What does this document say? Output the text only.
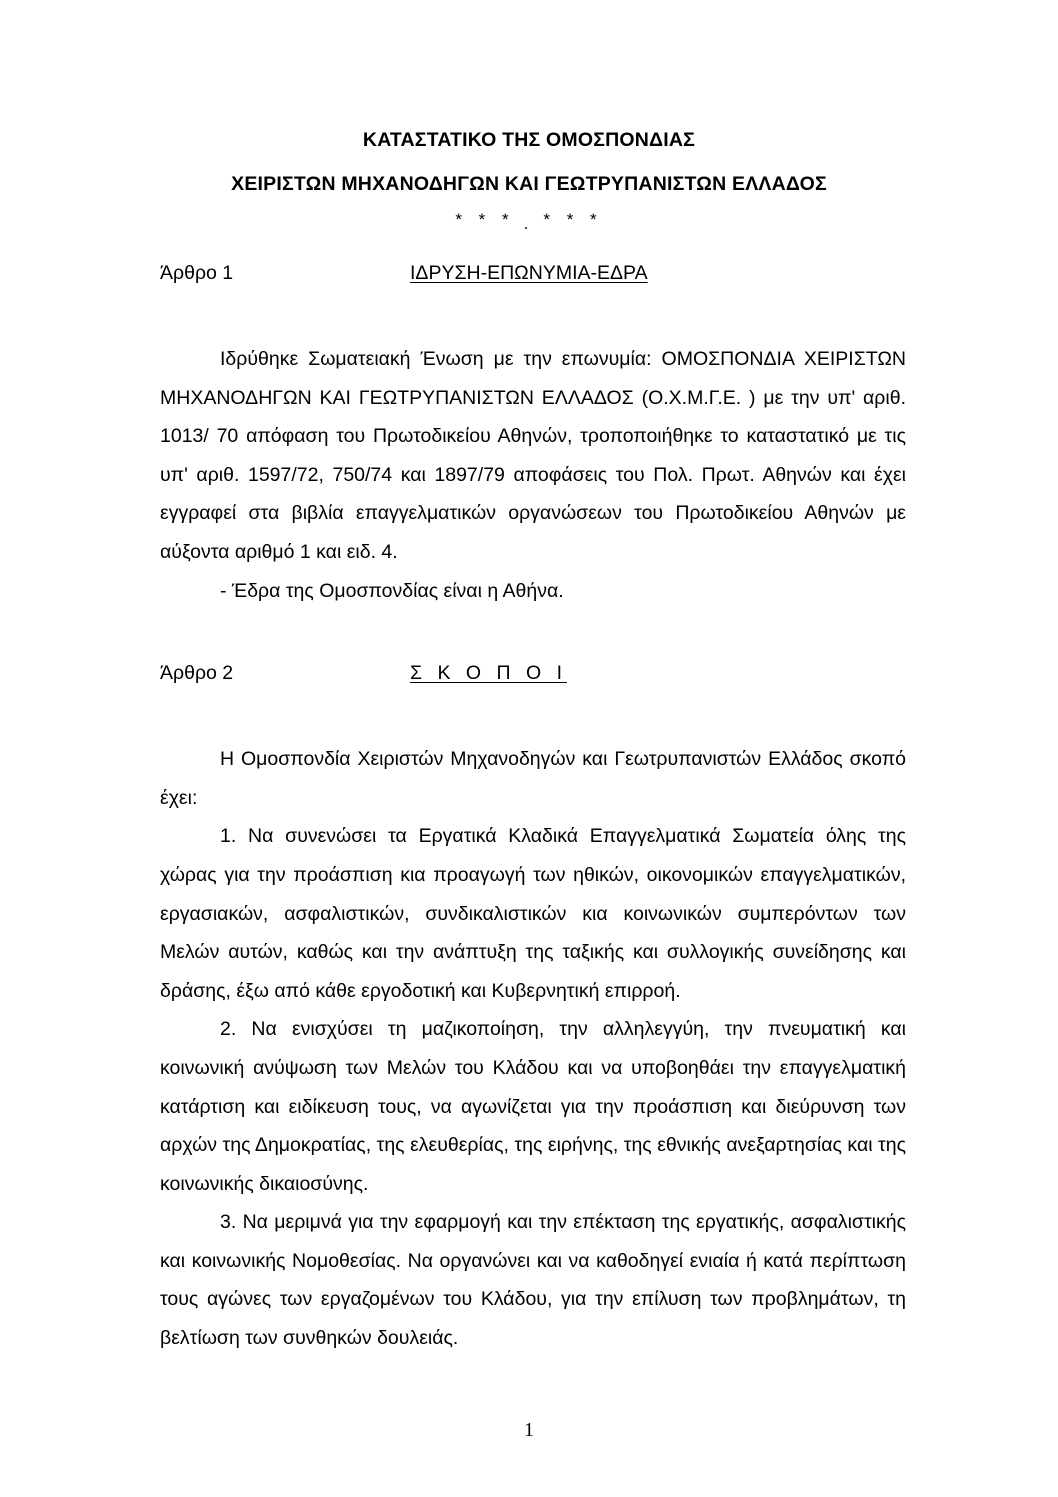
ΚΑΤΑΣΤΑΤΙΚΟ ΤΗΣ ΟΜΟΣΠΟΝΔΙΑΣ
ΧΕΙΡΙΣΤΩΝ ΜΗΧΑΝΟΔΗΓΩΝ ΚΑΙ ΓΕΩΤΡΥΠΑΝΙΣΤΩΝ ΕΛΛΑΔΟΣ
* * * . * * *
Άρθρο 1	ΙΔΡΥΣΗ-ΕΠΩΝΥΜΙΑ-ΕΔΡΑ

Ιδρύθηκε Σωματειακή Ένωση με την επωνυμία: ΟΜΟΣΠΟΝΔΙΑ ΧΕΙΡΙΣΤΩΝ ΜΗΧΑΝΟΔΗΓΩΝ ΚΑΙ ΓΕΩΤΡΥΠΑΝΙΣΤΩΝ ΕΛΛΑΔΟΣ (Ο.Χ.Μ.Γ.Ε. ) με την υπ' αριθ. 1013/ 70 απόφαση του Πρωτοδικείου Αθηνών, τροποποιήθηκε το καταστατικό με τις υπ' αριθ. 1597/72, 750/74 και 1897/79 αποφάσεις του Πολ. Πρωτ. Αθηνών και έχει εγγραφεί στα βιβλία επαγγελματικών οργανώσεων του Πρωτοδικείου Αθηνών με αύξοντα αριθμό 1 και ειδ. 4.

- Έδρα της Ομοσπονδίας είναι η Αθήνα.

Άρθρο 2	Σ Κ Ο Π Ο Ι

Η Ομοσπονδία Χειριστών Μηχανοδηγών και Γεωτρυπανιστών Ελλάδος σκοπό έχει:

1. Να συνενώσει τα Εργατικά Κλαδικά Επαγγελματικά Σωματεία όλης της χώρας για την προάσπιση κια προαγωγή των ηθικών, οικονομικών επαγγελματικών, εργασιακών, ασφαλιστικών, συνδικαλιστικών κια κοινωνικών συμπερόντων των Μελών αυτών, καθώς και την ανάπτυξη της ταξικής και συλλογικής συνείδησης και δράσης, έξω από κάθε εργοδοτική και Κυβερνητική επιρροή.

2. Να ενισχύσει τη μαζικοποίηση, την αλληλεγγύη, την πνευματική και κοινωνική ανύψωση των Μελών του Κλάδου και να υποβοηθάει την επαγγελματική κατάρτιση και ειδίκευση τους, να αγωνίζεται για την προάσπιση και διεύρυνση των αρχών της Δημοκρατίας, της ελευθερίας, της ειρήνης, της εθνικής ανεξαρτησίας και της κοινωνικής δικαιοσύνης.

3. Να μεριμνά για την εφαρμογή και την επέκταση της εργατικής, ασφαλιστικής και κοινωνικής Νομοθεσίας. Να οργανώνει και να καθοδηγεί ενιαία ή κατά περίπτωση τους αγώνες των εργαζομένων του Κλάδου, για την επίλυση των προβλημάτων, τη βελτίωση των συνθηκών δουλειάς.

1
